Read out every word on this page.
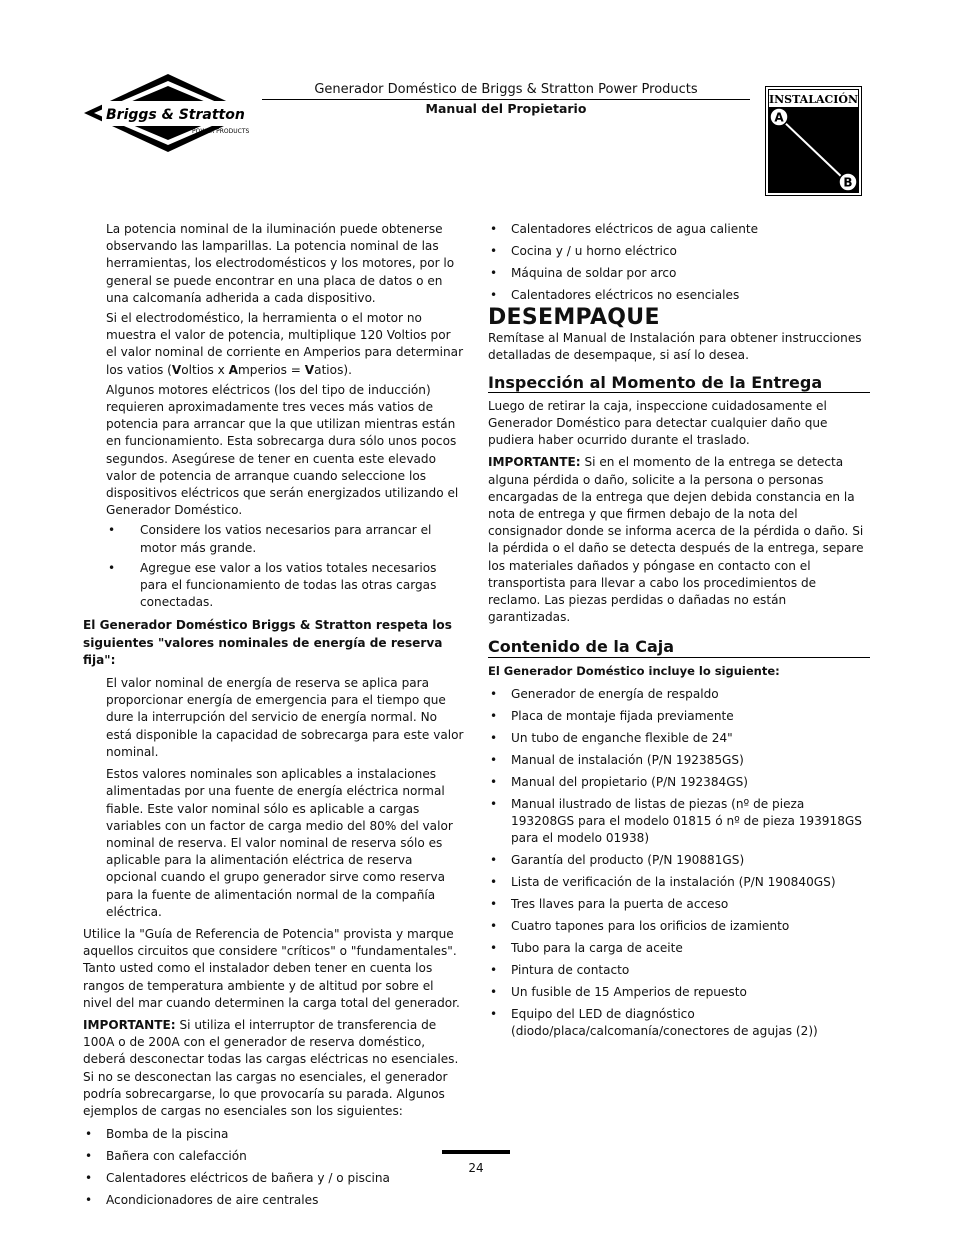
Briggs & Stratton
POWER PRODUCTS
Generador Doméstico de Briggs & Stratton Power Products
Manual del Propietario
INSTALACIÓN
A
B

La potencia nominal de la iluminación puede obtenerse observando las lamparillas. La potencia nominal de las herramientas, los electrodomésticos y los motores, por lo general se puede encontrar en una placa de datos o en una calcomanía adherida a cada dispositivo.

Si el electrodoméstico, la herramienta o el motor no muestra el valor de potencia, multiplique 120 Voltios por el valor nominal de corriente en Amperios para determinar los vatios (Voltios x Amperios = Vatios).

Algunos motores eléctricos (los del tipo de inducción) requieren aproximadamente tres veces más vatios de potencia para arrancar que la que utilizan mientras están en funcionamiento. Esta sobrecarga dura sólo unos pocos segundos. Asegúrese de tener en cuenta este elevado valor de potencia de arranque cuando seleccione los dispositivos eléctricos que serán energizados utilizando el Generador Doméstico.

• Considere los vatios necesarios para arrancar el motor más grande.
• Agregue ese valor a los vatios totales necesarios para el funcionamiento de todas las otras cargas conectadas.

El Generador Doméstico Briggs & Stratton respeta los siguientes "valores nominales de energía de reserva fija":

El valor nominal de energía de reserva se aplica para proporcionar energía de emergencia para el tiempo que dure la interrupción del servicio de energía normal. No está disponible la capacidad de sobrecarga para este valor nominal.

Estos valores nominales son aplicables a instalaciones alimentadas por una fuente de energía eléctrica normal fiable. Este valor nominal sólo es aplicable a cargas variables con un factor de carga medio del 80% del valor nominal de reserva. El valor nominal de reserva sólo es aplicable para la alimentación eléctrica de reserva opcional cuando el grupo generador sirve como reserva para la fuente de alimentación normal de la compañía eléctrica.

Utilice la "Guía de Referencia de Potencia" provista y marque aquellos circuitos que considere "críticos" o "fundamentales". Tanto usted como el instalador deben tener en cuenta los rangos de temperatura ambiente y de altitud por sobre el nivel del mar cuando determinen la carga total del generador.

IMPORTANTE: Si utiliza el interruptor de transferencia de 100A o de 200A con el generador de reserva doméstico, deberá desconectar todas las cargas eléctricas no esenciales. Si no se desconectan las cargas no esenciales, el generador podría sobrecargarse, lo que provocaría su parada. Algunos ejemplos de cargas no esenciales son los siguientes:

• Bomba de la piscina
• Bañera con calefacción
• Calentadores eléctricos de bañera y / o piscina
• Acondicionadores de aire centrales
• Calentadores eléctricos de agua caliente
• Cocina y / u horno eléctrico
• Máquina de soldar por arco
• Calentadores eléctricos no esenciales
DESEMPAQUE

Remítase al Manual de Instalación para obtener instrucciones detalladas de desempaque, si así lo desea.

Inspección al Momento de la Entrega

Luego de retirar la caja, inspeccione cuidadosamente el Generador Doméstico para detectar cualquier daño que pudiera haber ocurrido durante el traslado.

IMPORTANTE: Si en el momento de la entrega se detecta alguna pérdida o daño, solicite a la persona o personas encargadas de la entrega que dejen debida constancia en la nota de entrega y que firmen debajo de la nota del consignador donde se informa acerca de la pérdida o daño. Si la pérdida o el daño se detecta después de la entrega, separe los materiales dañados y póngase en contacto con el transportista para llevar a cabo los procedimientos de reclamo. Las piezas perdidas o dañadas no están garantizadas.

Contenido de la Caja

El Generador Doméstico incluye lo siguiente:

• Generador de energía de respaldo
• Placa de montaje fijada previamente
• Un tubo de enganche flexible de 24"
• Manual de instalación (P/N 192385GS)
• Manual del propietario (P/N 192384GS)
• Manual ilustrado de listas de piezas (nº de pieza 193208GS para el modelo 01815 ó nº de pieza 193918GS para el modelo 01938)
• Garantía del producto (P/N 190881GS)
• Lista de verificación de la instalación (P/N 190840GS)
• Tres llaves para la puerta de acceso
• Cuatro tapones para los orificios de izamiento
• Tubo para la carga de aceite
• Pintura de contacto
• Un fusible de 15 Amperios de repuesto
• Equipo del LED de diagnóstico (diodo/placa/calcomanía/conectores de agujas (2))
24
